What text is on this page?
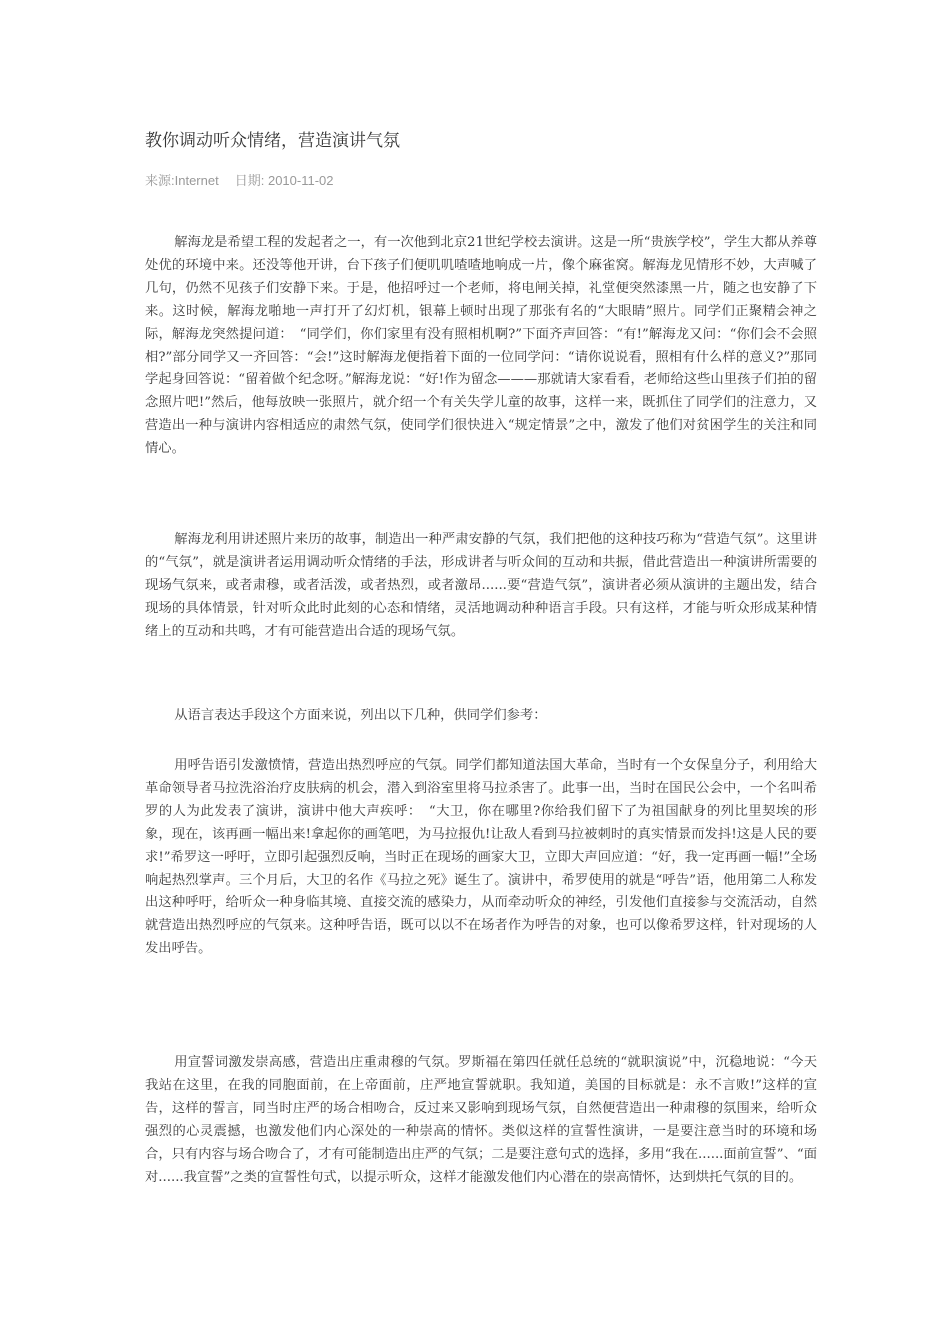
教你调动听众情绪，营造演讲气氛
来源:Internet 日期: 2010-11-02

解海龙是希望工程的发起者之一，有一次他到北京21世纪学校去演讲。这是一所“贵族学校”，学生大都从养尊处优的环境中来。还没等他开讲，台下孩子们便叽叽喳喳地响成一片，像个麻雀窝。解海龙见情形不妙，大声喊了几句，仍然不见孩子们安静下来。于是，他招呼过一个老师，将电闸关掉，礼堂便突然漆黑一片，随之也安静了下来。这时候，解海龙啪地一声打开了幻灯机，银幕上顿时出现了那张有名的“大眼睛”照片。同学们正聚精会神之际，解海龙突然提问道：　“同学们，你们家里有没有照相机啊?”下面齐声回答：“有!”解海龙又问：“你们会不会照相?”部分同学又一齐回答：“会!”这时解海龙便指着下面的一位同学问：“请你说说看，照相有什么样的意义?”那同学起身回答说：“留着做个纪念呀。”解海龙说：“好!作为留念———那就请大家看看，老师给这些山里孩子们拍的留念照片吧!”然后，他每放映一张照片，就介绍一个有关失学儿童的故事，这样一来，既抓住了同学们的注意力，又营造出一种与演讲内容相适应的肃然气氛，使同学们很快进入“规定情景”之中，激发了他们对贫困学生的关注和同情心。

解海龙利用讲述照片来历的故事，制造出一种严肃安静的气氛，我们把他的这种技巧称为“营造气氛”。这里讲的“气氛”，就是演讲者运用调动听众情绪的手法，形成讲者与听众间的互动和共振，借此营造出一种演讲所需要的现场气氛来，或者肃穆，或者活泼，或者热烈，或者激昂......要“营造气氛”，演讲者必须从演讲的主题出发，结合现场的具体情景，针对听众此时此刻的心态和情绪，灵活地调动种种语言手段。只有这样，才能与听众形成某种情绪上的互动和共鸣，才有可能营造出合适的现场气氛。

从语言表达手段这个方面来说，列出以下几种，供同学们参考：

用呼告语引发激愤情，营造出热烈呼应的气氛。同学们都知道法国大革命，当时有一个女保皇分子，利用给大革命领导者马拉洗浴治疗皮肤病的机会，潜入到浴室里将马拉杀害了。此事一出，当时在国民公会中，一个名叫希罗的人为此发表了演讲，演讲中他大声疾呼：　“大卫，你在哪里?你给我们留下了为祖国献身的列比里契埃的形象，现在，该再画一幅出来!拿起你的画笔吧，为马拉报仇!让敌人看到马拉被刺时的真实情景而发抖!这是人民的要求!”希罗这一呼吁，立即引起强烈反响，当时正在现场的画家大卫，立即大声回应道：“好，我一定再画一幅!”全场响起热烈掌声。三个月后，大卫的名作《马拉之死》诞生了。演讲中，希罗使用的就是“呼告”语，他用第二人称发出这种呼吁，给听众一种身临其境、直接交流的感染力，从而牵动听众的神经，引发他们直接参与交流活动，自然就营造出热烈呼应的气氛来。这种呼告语，既可以以不在场者作为呼告的对象，也可以像希罗这样，针对现场的人发出呼告。

用宣誓词激发崇高感，营造出庄重肃穆的气氛。罗斯福在第四任就任总统的“就职演说”中，沉稳地说：“今天我站在这里，在我的同胞面前，在上帝面前，庄严地宣誓就职。我知道，美国的目标就是：永不言败!”这样的宣告，这样的誓言，同当时庄严的场合相吻合，反过来又影响到现场气氛，自然便营造出一种肃穆的氛围来，给听众强烈的心灵震撼，也激发他们内心深处的一种崇高的情怀。类似这样的宣誓性演讲，一是要注意当时的环境和场合，只有内容与场合吻合了，才有可能制造出庄严的气氛；二是要注意句式的选择，多用“我在......面前宣誓”、“面对......我宣誓”之类的宣誓性句式，以提示听众，这样才能激发他们内心潜在的崇高情怀，达到烘托气氛的目的。
